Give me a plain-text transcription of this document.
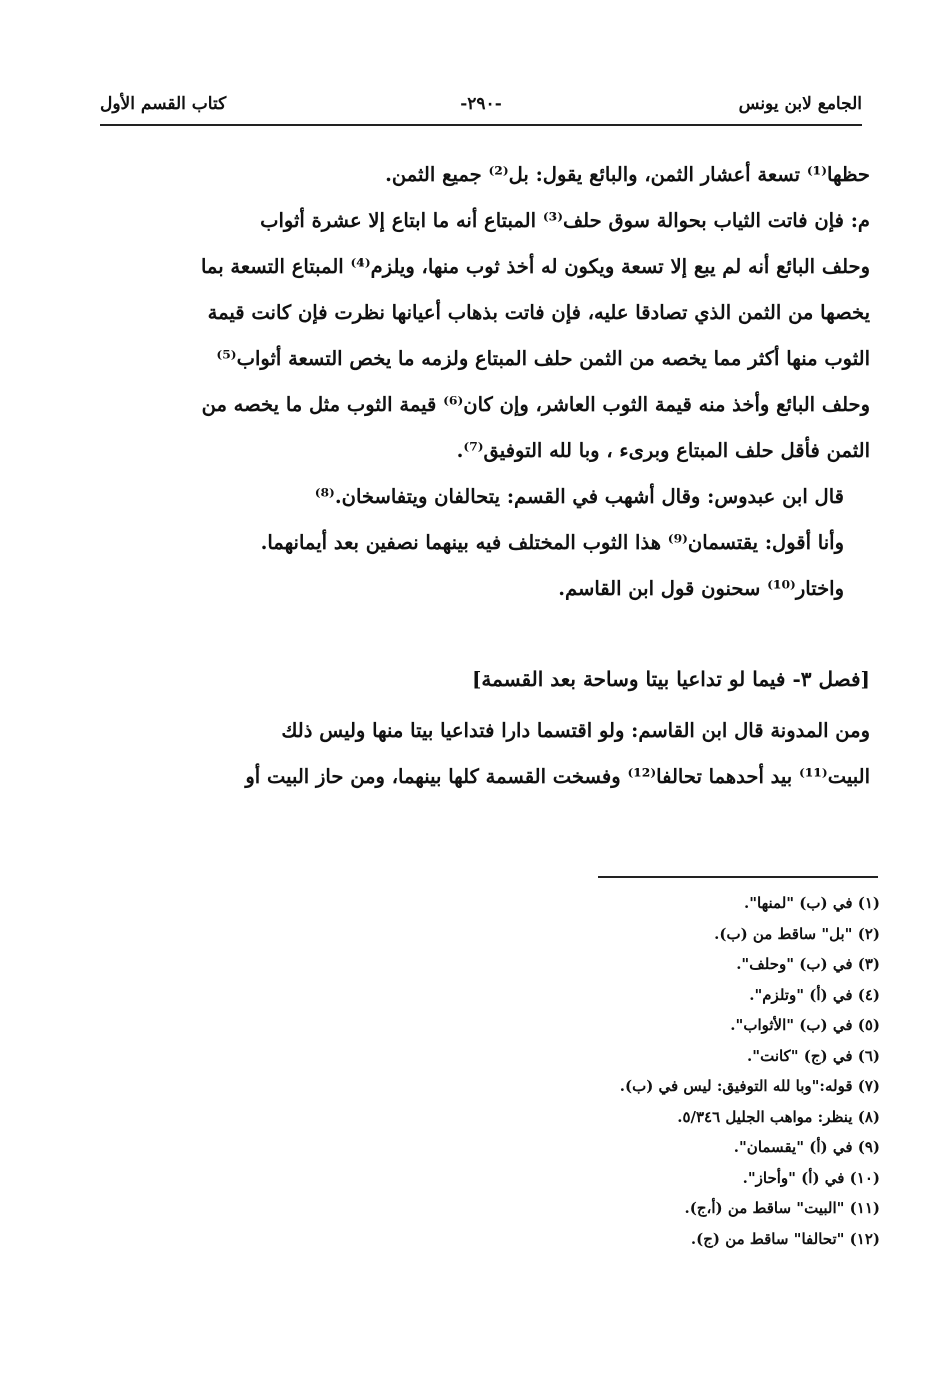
الجامع لابن يونس
-٢٩٠-
كتاب القسم الأول
حظها⁽¹⁾ تسعة أعشار الثمن، والبائع يقول: بل⁽²⁾ جميع الثمن.
م: فإن فاتت الثياب بحوالة سوق حلف⁽³⁾ المبتاع أنه ما ابتاع إلا عشرة أثواب
وحلف البائع أنه لم يبع إلا تسعة ويكون له أخذ ثوب منها، ويلزم⁽⁴⁾ المبتاع التسعة بما
يخصها من الثمن الذي تصادقا عليه، فإن فاتت بذهاب أعيانها نظرت فإن كانت قيمة
الثوب منها أكثر مما يخصه من الثمن حلف المبتاع ولزمه ما يخص التسعة أثواب⁽⁵⁾
وحلف البائع وأخذ منه قيمة الثوب العاشر، وإن كان⁽⁶⁾ قيمة الثوب مثل ما يخصه من
الثمن فأقل حلف المبتاع وبرىء ، وبا لله التوفيق⁽⁷⁾.
قال ابن عبدوس: وقال أشهب في القسم: يتحالفان ويتفاسخان.⁽⁸⁾
وأنا أقول: يقتسمان⁽⁹⁾ هذا الثوب المختلف فيه بينهما نصفين بعد أيمانهما.
واختار⁽¹⁰⁾ سحنون قول ابن القاسم.
[فصل ٣- فيما لو تداعيا بيتا وساحة بعد القسمة]
ومن المدونة قال ابن القاسم: ولو اقتسما دارا فتداعيا بيتا منها وليس ذلك
البيت⁽¹¹⁾ بيد أحدهما تحالفا⁽¹²⁾ وفسخت القسمة كلها بينهما، ومن حاز البيت أو
(١) في (ب) "لمنها".
(٢) "بل" ساقط من (ب).
(٣) في (ب) "وحلف".
(٤) في (أ) "وتلزم".
(٥) في (ب) "الأثواب".
(٦) في (ج) "كانت".
(٧) قوله:"وبا لله التوفيق: ليس في (ب).
(٨) ينظر: مواهب الجليل ٥/٣٤٦.
(٩) في (أ) "يقسمان".
(١٠) في (أ) "وأحاز".
(١١) "البيت" ساقط من (أ،ج).
(١٢) "تحالفا" ساقط من (ج).
